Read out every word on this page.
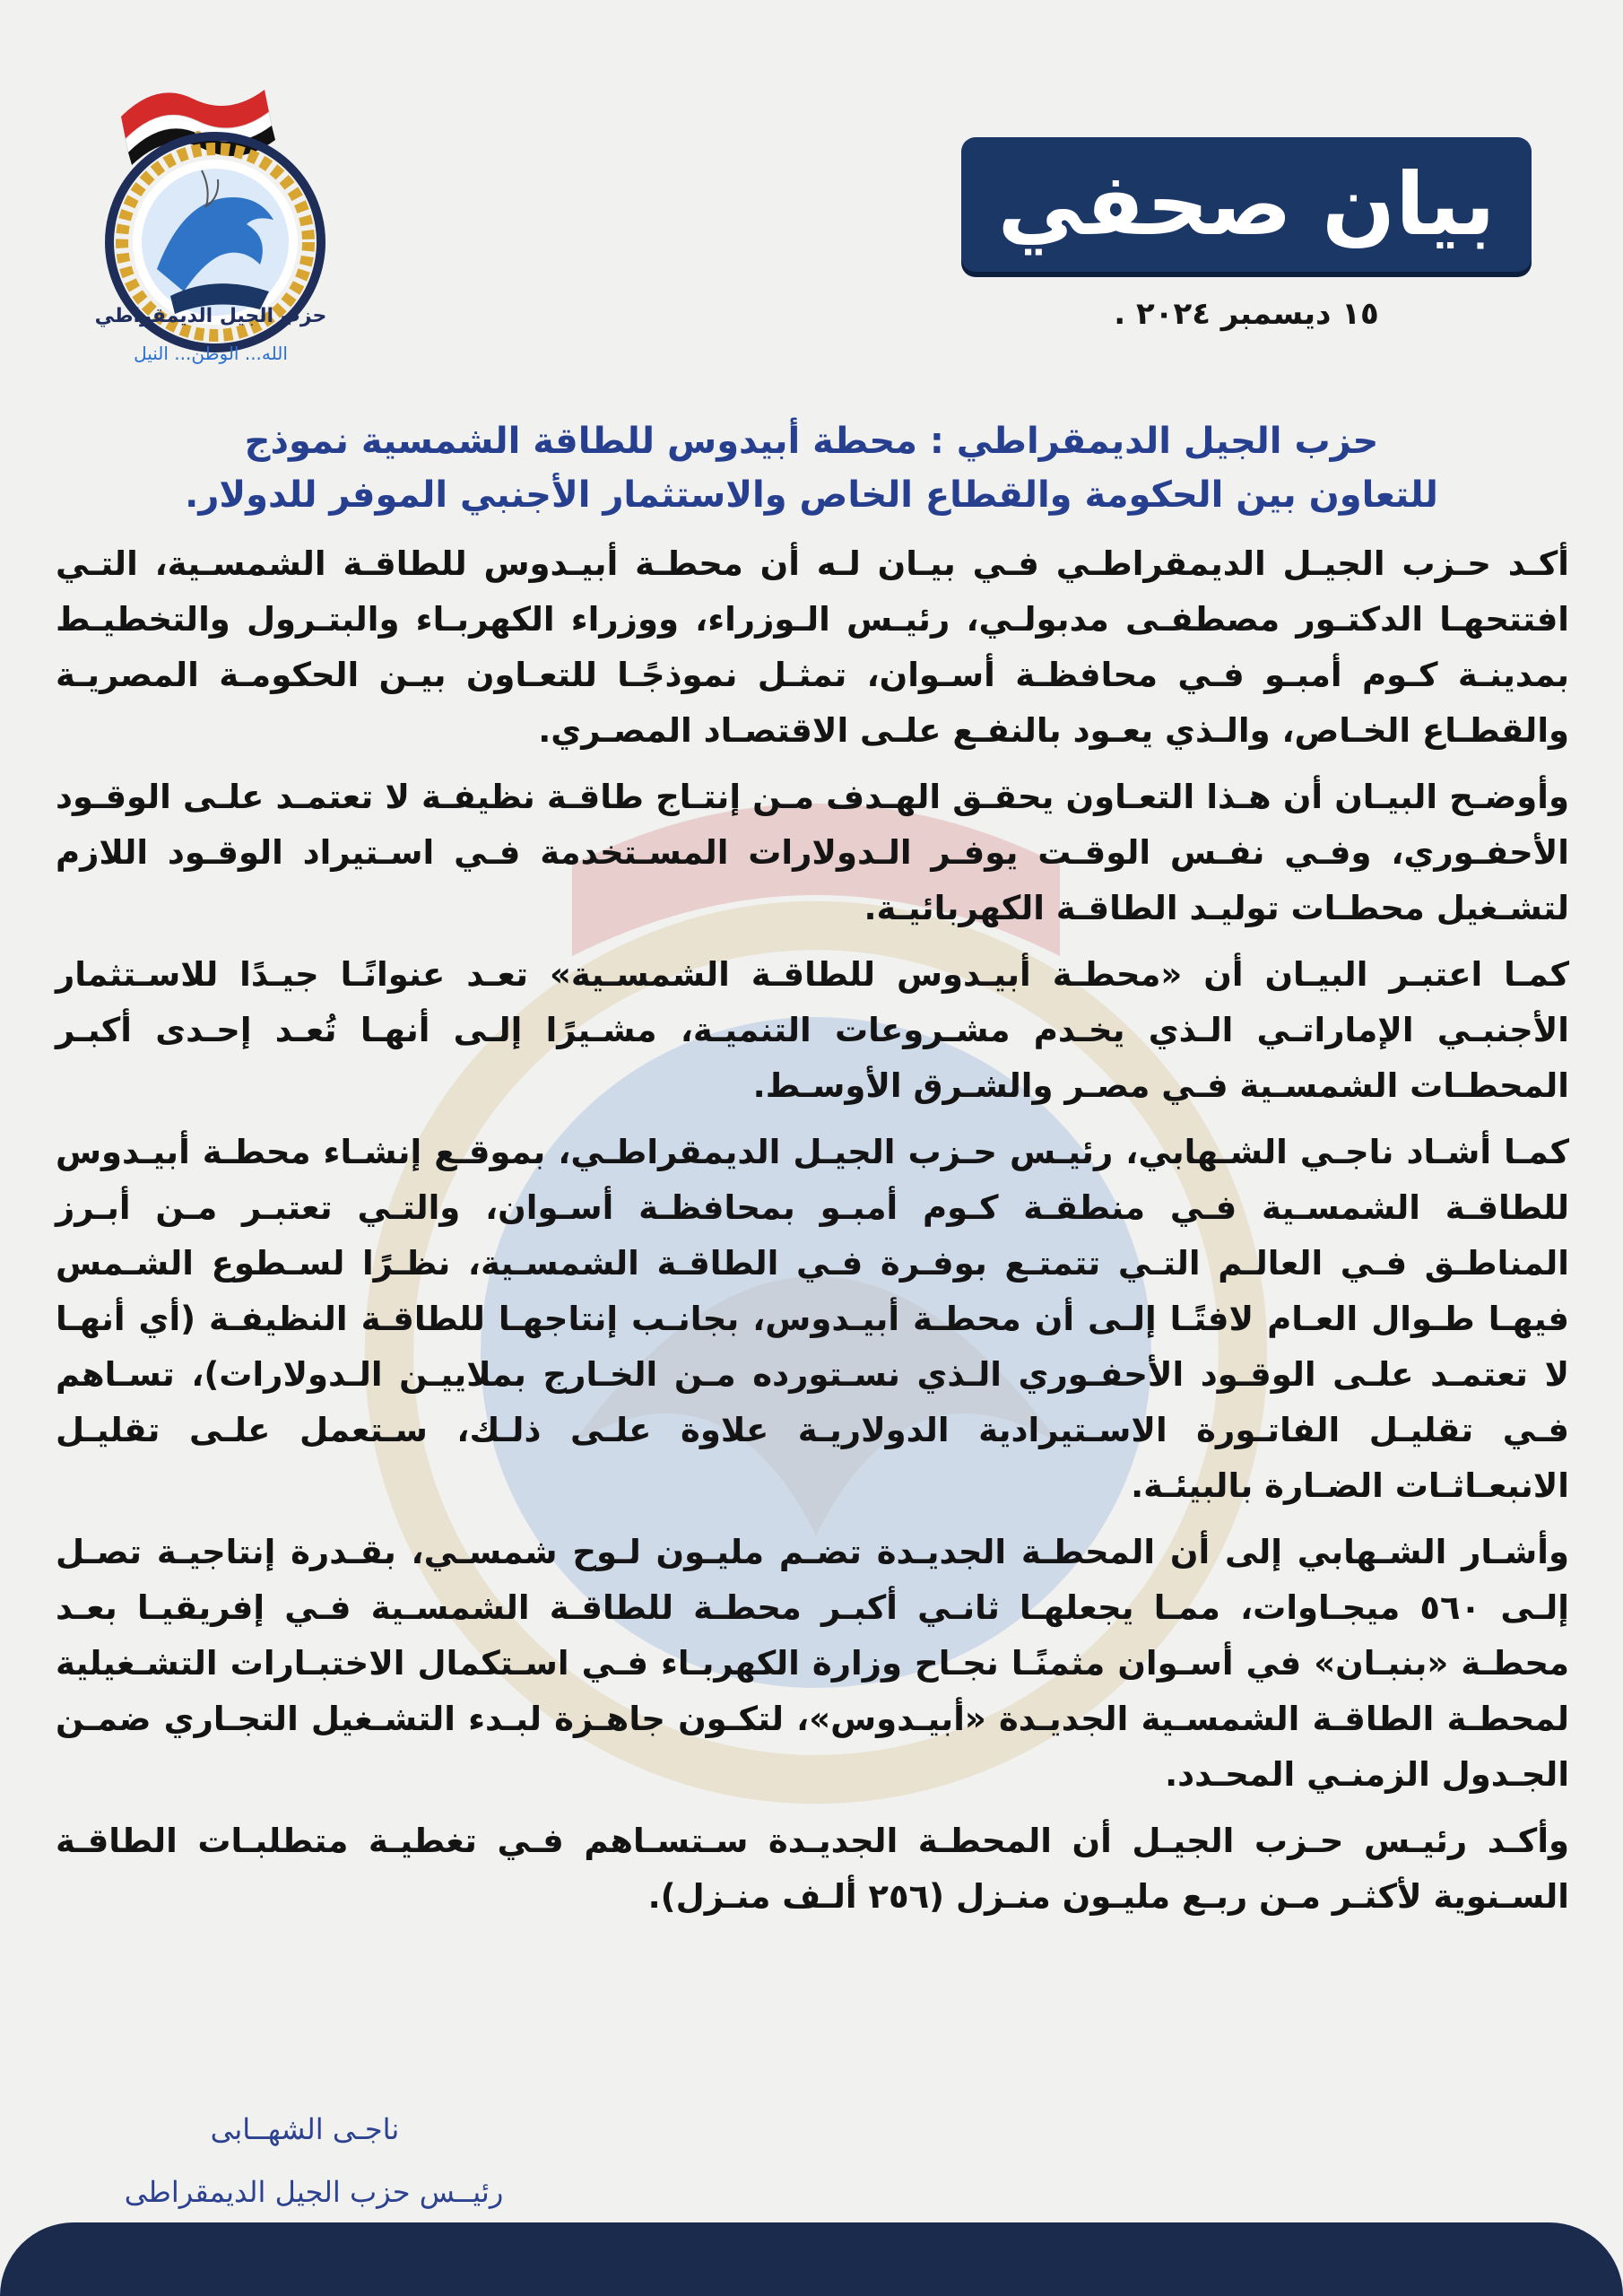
حزب الجيل الديمقراطي
الله... الوطن... النيل
بيان صحفي
١٥ ديسمبر ٢٠٢٤ .
حزب الجيل الديمقراطي : محطة أبيدوس للطاقة الشمسية نموذج
للتعاون بين الحكومة والقطاع الخاص والاستثمار الأجنبي الموفر للدولار.

أكـد حـزب الجيـل الديمقراطـي فـي بيـان لـه أن محطـة أبيـدوس للطاقـة الشمسـية، التـي افتتحهـا الدكتـور مصطفـى مدبولـي، رئيـس الـوزراء، ووزراء الكهربـاء والبتـرول والتخطيـط بمدينـة كـوم أمبـو فـي محافظـة أسـوان، تمثـل نموذجًـا للتعـاون بيـن الحكومـة المصريـة والقطـاع الخـاص، والـذي يعـود بالنفـع علـى الاقتصـاد المصـري.

وأوضـح البيـان أن هـذا التعـاون يحقـق الهـدف مـن إنتـاج طاقـة نظيفـة لا تعتمـد علـى الوقـود الأحفـوري، وفـي نفـس الوقـت يوفـر الـدولارات المسـتخدمة فـي اسـتيراد الوقـود اللازم لتشـغيل محطـات توليـد الطاقـة الكهربائيـة.

كمـا اعتبـر البيـان أن «محطـة أبيـدوس للطاقـة الشمسـية» تعـد عنوانًـا جيـدًا للاسـتثمار الأجنبـي الإماراتـي الـذي يخـدم مشـروعات التنميـة، مشـيرًا إلـى أنهـا تُعـد إحـدى أكبـر المحطـات الشمسـية فـي مصـر والشـرق الأوسـط.

كمـا أشـاد ناجـي الشـهابي، رئيـس حـزب الجيـل الديمقراطـي، بموقـع إنشـاء محطـة أبيـدوس للطاقـة الشمسـية فـي منطقـة كـوم أمبـو بمحافظـة أسـوان، والتـي تعتبـر مـن أبـرز المناطـق فـي العالـم التـي تتمتـع بوفـرة فـي الطاقـة الشمسـية، نظـرًا لسـطوع الشـمس فيهـا طـوال العـام لافتًـا إلـى أن محطـة أبيـدوس، بجانـب إنتاجهـا للطاقـة النظيفـة (أي أنهـا لا تعتمـد علـى الوقـود الأحفـوري الـذي نسـتورده مـن الخـارج بملاييـن الـدولارات)، تسـاهم فـي تقليـل الفاتـورة الاسـتيرادية الدولاريـة علاوة علـى ذلـك، سـتعمل علـى تقليـل الانبعـاثـات الضـارة بالبيئـة.

وأشـار الشـهابي إلى أن المحطـة الجديـدة تضـم مليـون لـوح شمسـي، بقـدرة إنتاجيـة تصـل إلـى ٥٦٠ ميجـاوات، ممـا يجعلهـا ثانـي أكبـر محطـة للطاقـة الشمسـية فـي إفريقيـا بعـد محطـة «بنبـان» في أسـوان مثمنًـا نجـاح وزارة الكهربـاء فـي اسـتكمال الاختبـارات التشـغيلية لمحطـة الطاقـة الشمسـية الجديـدة «أبيـدوس»، لتكـون جاهـزة لبـدء التشـغيل التجـاري ضمـن الجـدول الزمنـي المحـدد.

وأكـد رئيـس حـزب الجيـل أن المحطـة الجديـدة سـتسـاهم فـي تغطيـة متطلبـات الطاقـة السـنوية لأكثـر مـن ربـع مليـون منـزل (٢٥٦ ألـف منـزل).

ناجـى الشهــابى
رئيــس حزب الجيل الديمقراطى
